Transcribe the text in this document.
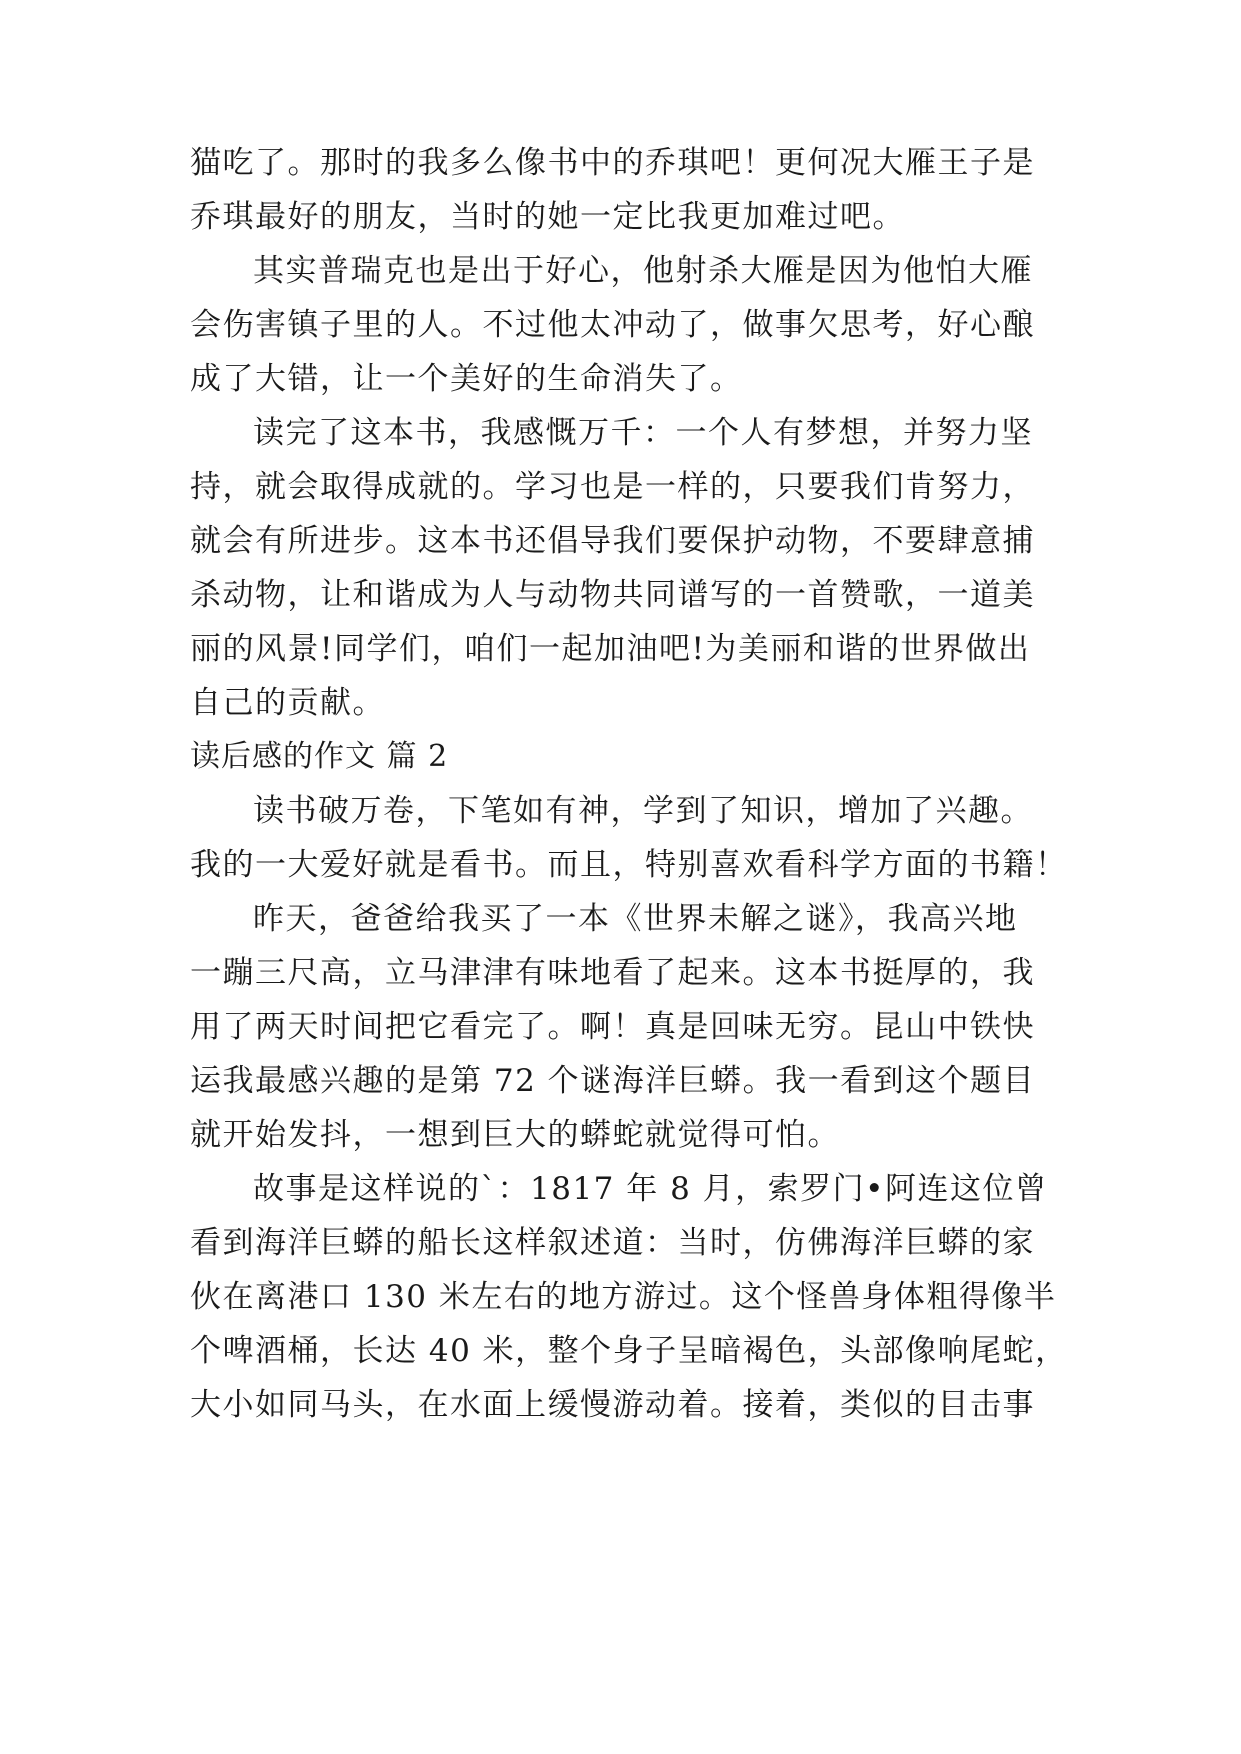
猫吃了。那时的我多么像书中的乔琪吧！更何况大雁王子是
乔琪最好的朋友，当时的她一定比我更加难过吧。
其实普瑞克也是出于好心，他射杀大雁是因为他怕大雁
会伤害镇子里的人。不过他太冲动了，做事欠思考，好心酿
成了大错，让一个美好的生命消失了。
读完了这本书，我感慨万千：一个人有梦想，并努力坚
持，就会取得成就的。学习也是一样的，只要我们肯努力，
就会有所进步。这本书还倡导我们要保护动物，不要肆意捕
杀动物，让和谐成为人与动物共同谱写的一首赞歌，一道美
丽的风景!同学们，咱们一起加油吧!为美丽和谐的世界做出
自己的贡献。
读后感的作文 篇 2
读书破万卷，下笔如有神，学到了知识，增加了兴趣。
我的一大爱好就是看书。而且，特别喜欢看科学方面的书籍！
昨天，爸爸给我买了一本《世界未解之谜》，我高兴地
一蹦三尺高，立马津津有味地看了起来。这本书挺厚的，我
用了两天时间把它看完了。啊！真是回味无穷。昆山中铁快
运我最感兴趣的是第 72 个谜海洋巨蟒。我一看到这个题目
就开始发抖，一想到巨大的蟒蛇就觉得可怕。
故事是这样说的`：1817 年 8 月，索罗门•阿连这位曾
看到海洋巨蟒的船长这样叙述道：当时，仿佛海洋巨蟒的家
伙在离港口 130 米左右的地方游过。这个怪兽身体粗得像半
个啤酒桶，长达 40 米，整个身子呈暗褐色，头部像响尾蛇，
大小如同马头，在水面上缓慢游动着。接着，类似的目击事
